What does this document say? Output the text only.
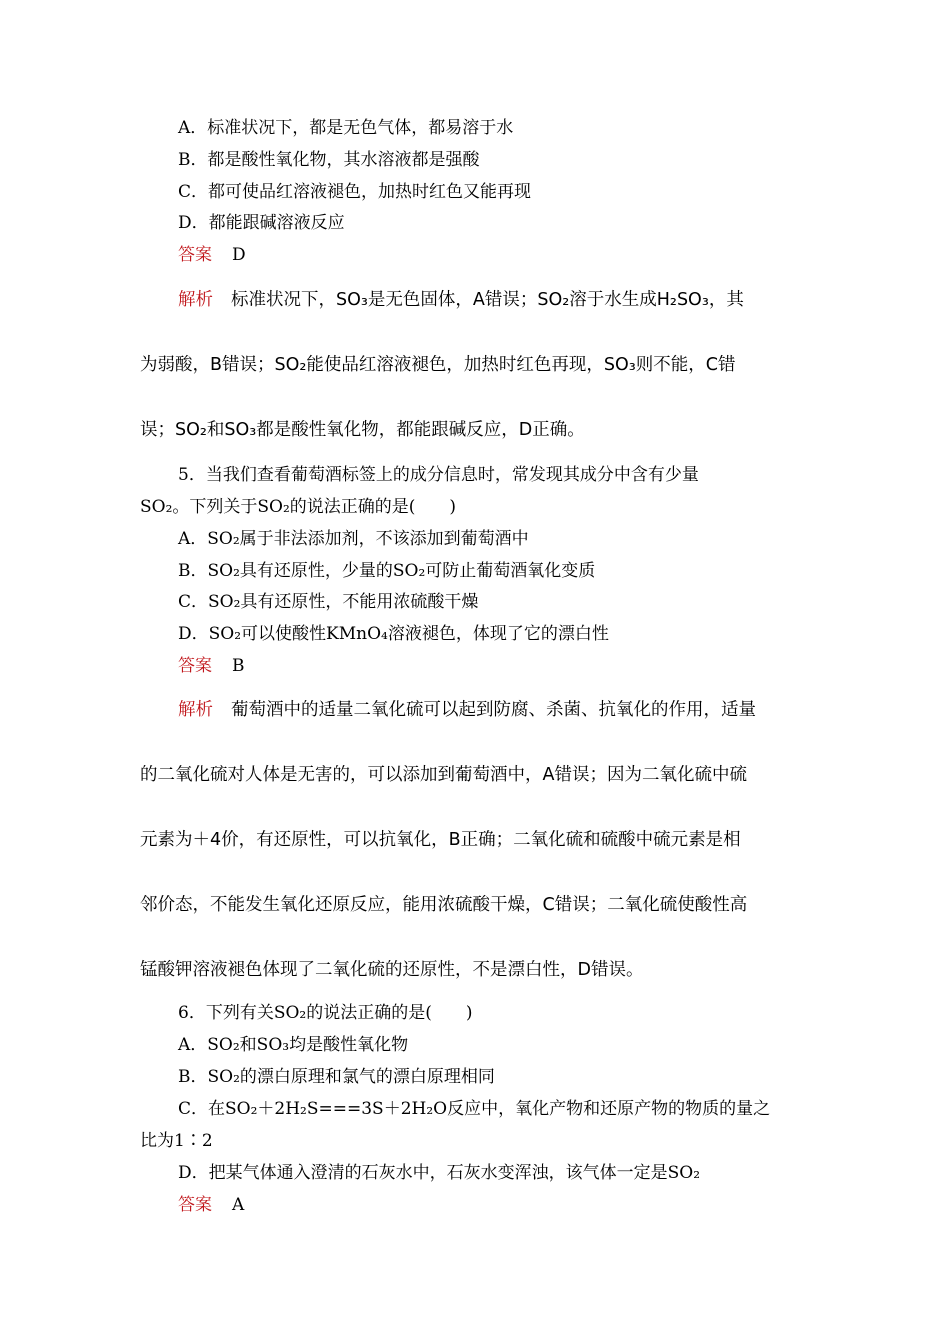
A．标准状况下，都是无色气体，都易溶于水
B．都是酸性氧化物，其水溶液都是强酸
C．都可使品红溶液褪色，加热时红色又能再现
D．都能跟碱溶液反应
答案 D
解析 标准状况下，SO₃是无色固体，A错误；SO₂溶于水生成H₂SO₃，其
为弱酸，B错误；SO₂能使品红溶液褪色，加热时红色再现，SO₃则不能，C错
误；SO₂和SO₃都是酸性氧化物，都能跟碱反应，D正确。
5．当我们查看葡萄酒标签上的成分信息时，常发现其成分中含有少量
SO₂。下列关于SO₂的说法正确的是(　　)
A．SO₂属于非法添加剂，不该添加到葡萄酒中
B．SO₂具有还原性，少量的SO₂可防止葡萄酒氧化变质
C．SO₂具有还原性，不能用浓硫酸干燥
D．SO₂可以使酸性KMnO₄溶液褪色，体现了它的漂白性
答案 B
解析 葡萄酒中的适量二氧化硫可以起到防腐、杀菌、抗氧化的作用，适量
的二氧化硫对人体是无害的，可以添加到葡萄酒中，A错误；因为二氧化硫中硫
元素为＋4价，有还原性，可以抗氧化，B正确；二氧化硫和硫酸中硫元素是相
邻价态，不能发生氧化还原反应，能用浓硫酸干燥，C错误；二氧化硫使酸性高
锰酸钾溶液褪色体现了二氧化硫的还原性，不是漂白性，D错误。
6．下列有关SO₂的说法正确的是(　　)
A．SO₂和SO₃均是酸性氧化物
B．SO₂的漂白原理和氯气的漂白原理相同
C．在SO₂＋2H₂S===3S＋2H₂O反应中，氧化产物和还原产物的物质的量之
比为1∶2
D．把某气体通入澄清的石灰水中，石灰水变浑浊，该气体一定是SO₂
答案 A
